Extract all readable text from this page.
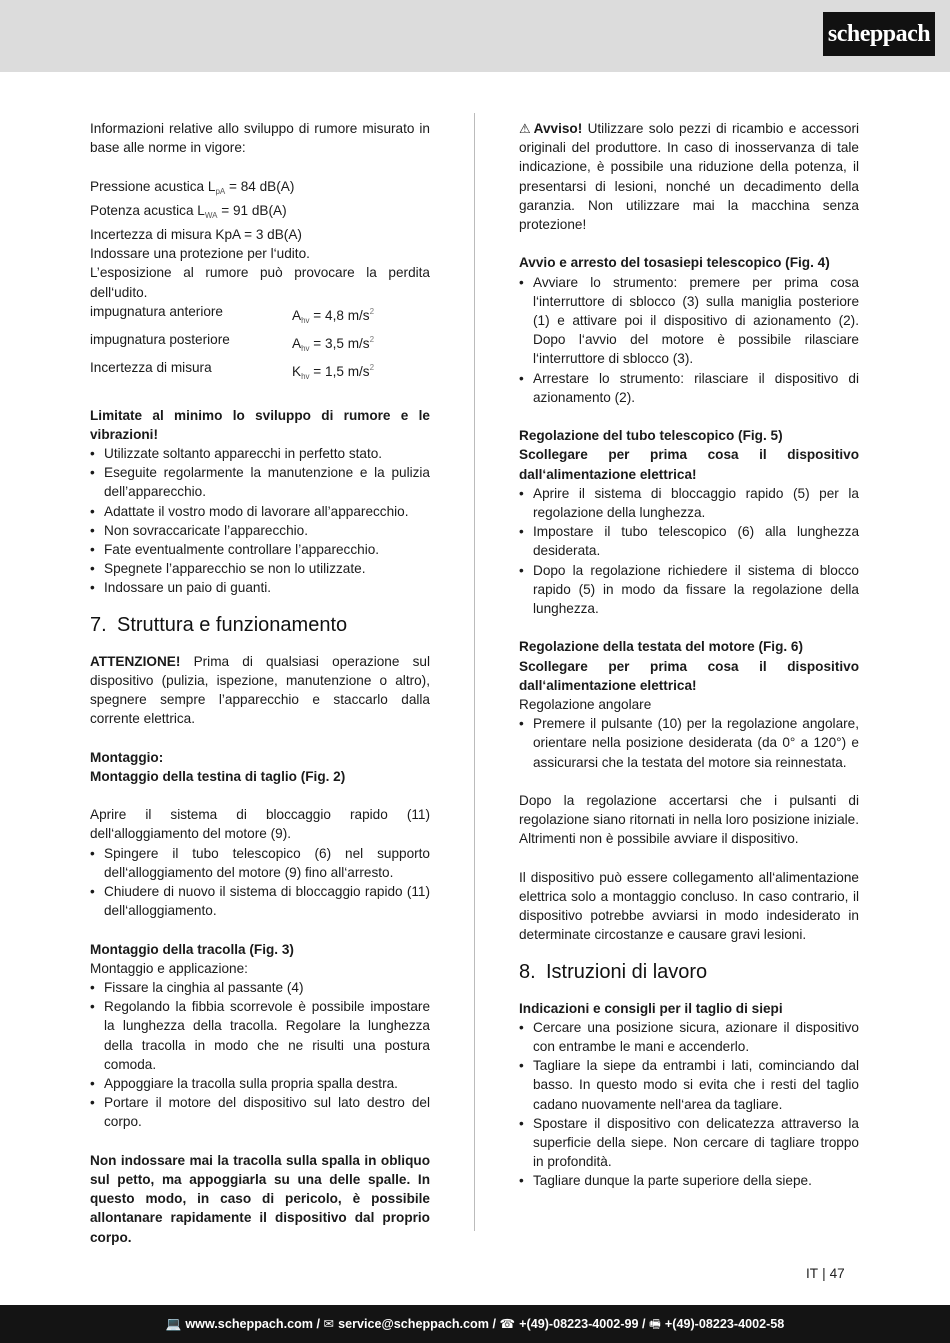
scheppach

Informazioni relative allo sviluppo di rumore misurato in base alle norme in vigore:

Pressione acustica $L_{pA} = 84$ dB(A)

Potenza acustica $L_{WA} = 91$ dB(A)

Incertezza di misura KpA = 3 dB(A)

Indossare una protezione per l‘udito.

L’esposizione al rumore può provocare la perdita dell‘udito.

impugnatura anteriore	$A_{hv} = 4,8$ $m/s^2$
impugnatura posteriore	$A_{hv} = 3,5$ $m/s^2$
Incertezza di misura	$K_{hv} = 1,5$ $m/s^2$

Limitate al minimo lo sviluppo di rumore e le vibrazioni!

• Utilizzate soltanto apparecchi in perfetto stato.
• Eseguite regolarmente la manutenzione e la pulizia dell’apparecchio.
• Adattate il vostro modo di lavorare all’apparecchio.
• Non sovraccaricate l’apparecchio.
• Fate eventualmente controllare l’apparecchio.
• Spegnete l’apparecchio se non lo utilizzate.
• Indossare un paio di guanti.
7. Struttura e funzionamento

ATTENZIONE! Prima di qualsiasi operazione sul dispositivo (pulizia, ispezione, manutenzione o altro), spegnere sempre l’apparecchio e staccarlo dalla corrente elettrica.

Montaggio:

Montaggio della testina di taglio (Fig. 2)

Aprire il sistema di bloccaggio rapido (11) dell‘alloggiamento del motore (9).

• Spingere il tubo telescopico (6) nel supporto dell‘alloggiamento del motore (9) fino all‘arresto.
• Chiudere di nuovo il sistema di bloccaggio rapido (11) dell‘alloggiamento.

Montaggio della tracolla (Fig. 3)

Montaggio e applicazione:

• Fissare la cinghia al passante (4)
• Regolando la fibbia scorrevole è possibile impostare la lunghezza della tracolla. Regolare la lunghezza della tracolla in modo che ne risulti una postura comoda.
• Appoggiare la tracolla sulla propria spalla destra.
• Portare il motore del dispositivo sul lato destro del corpo.

Non indossare mai la tracolla sulla spalla in obliquo sul petto, ma appoggiarla su una delle spalle. In questo modo, in caso di pericolo, è possibile allontanare rapidamente il dispositivo dal proprio corpo.

⚠ Avviso! Utilizzare solo pezzi di ricambio e accessori originali del produttore. In caso di inosservanza di tale indicazione, è possibile una riduzione della potenza, il presentarsi di lesioni, nonché un decadimento della garanzia. Non utilizzare mai la macchina senza protezione!

Avvio e arresto del tosasiepi telescopico (Fig. 4)

• Avviare lo strumento: premere per prima cosa l‘interruttore di sblocco (3) sulla maniglia posteriore (1) e attivare poi il dispositivo di azionamento (2). Dopo l‘avvio del motore è possibile rilasciare l‘interruttore di sblocco (3).
• Arrestare lo strumento: rilasciare il dispositivo di azionamento (2).

Regolazione del tubo telescopico (Fig. 5)

Scollegare per prima cosa il dispositivo dall‘alimentazione elettrica!

• Aprire il sistema di bloccaggio rapido (5) per la regolazione della lunghezza.
• Impostare il tubo telescopico (6) alla lunghezza desiderata.
• Dopo la regolazione richiedere il sistema di blocco rapido (5) in modo da fissare la regolazione della lunghezza.

Regolazione della testata del motore (Fig. 6)

Scollegare per prima cosa il dispositivo dall‘alimentazione elettrica!

Regolazione angolare

• Premere il pulsante (10) per la regolazione angolare, orientare nella posizione desiderata (da 0° a 120°) e assicurarsi che la testata del motore sia reinnestata.

Dopo la regolazione accertarsi che i pulsanti di regolazione siano ritornati in nella loro posizione iniziale. Altrimenti non è possibile avviare il dispositivo.

Il dispositivo può essere collegamento all‘alimentazione elettrica solo a montaggio concluso. In caso contrario, il dispositivo potrebbe avviarsi in modo indesiderato in determinate circostanze e causare gravi lesioni.

8. Istruzioni di lavoro

Indicazioni e consigli per il taglio di siepi

• Cercare una posizione sicura, azionare il dispositivo con entrambe le mani e accenderlo.
• Tagliare la siepe da entrambi i lati, cominciando dal basso. In questo modo si evita che i resti del taglio cadano nuovamente nell‘area da tagliare.
• Spostare il dispositivo con delicatezza attraverso la superficie della siepe. Non cercare di tagliare troppo in profondità.
• Tagliare dunque la parte superiore della siepe.
IT | 47
💻 www.scheppach.com / ✉ service@scheppach.com / ☎ +(49)-08223-4002-99 / 🖷 +(49)-08223-4002-58
